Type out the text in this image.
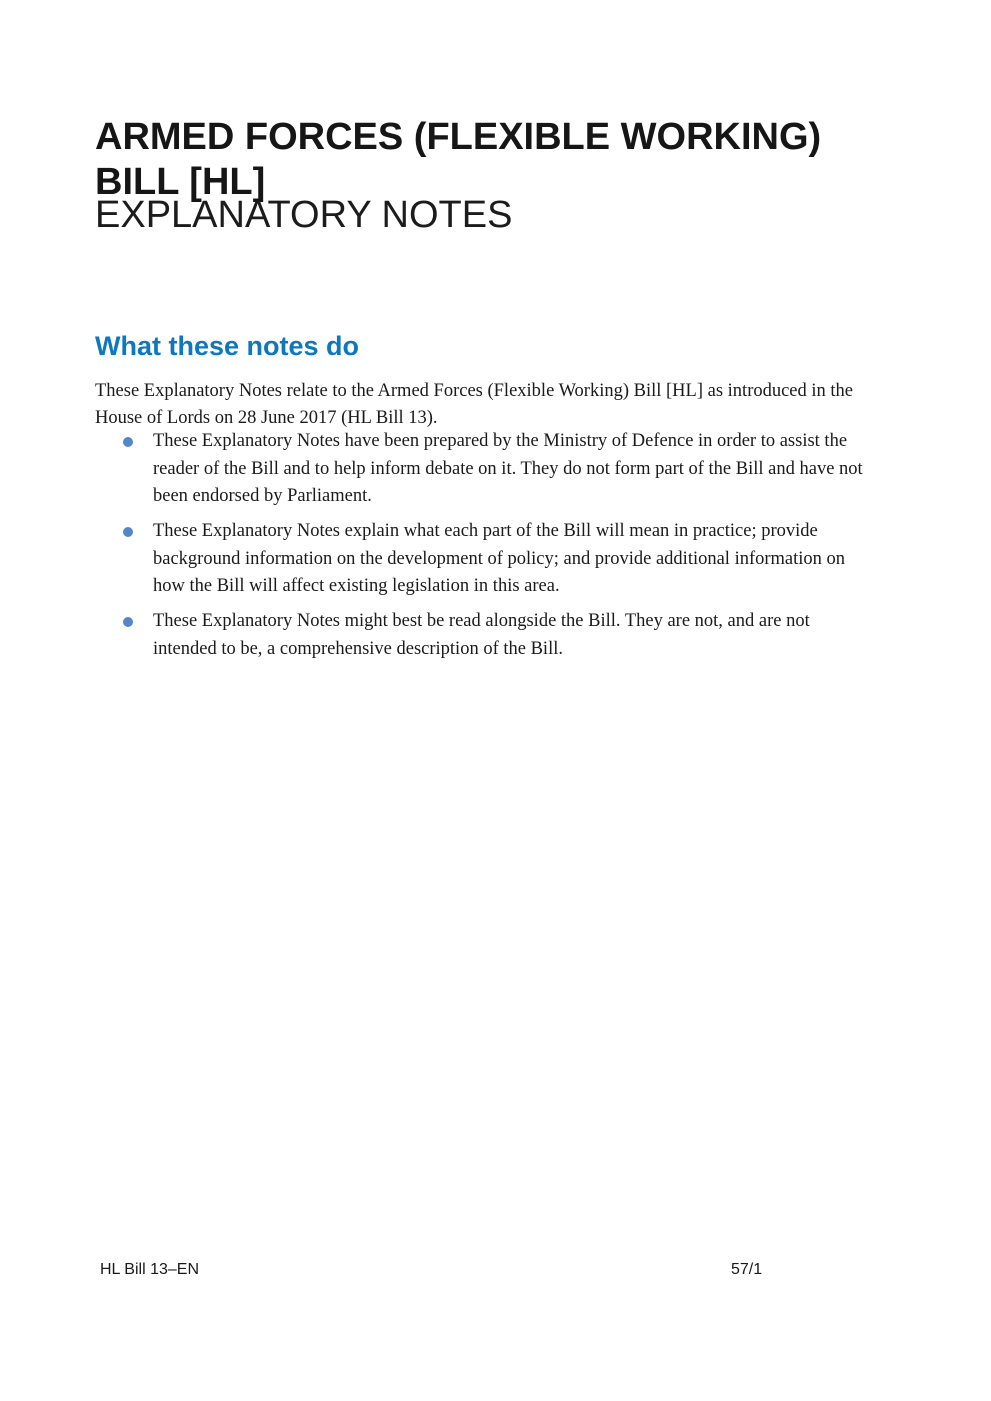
ARMED FORCES (FLEXIBLE WORKING) BILL [HL]
EXPLANATORY NOTES
What these notes do

These Explanatory Notes relate to the Armed Forces (Flexible Working) Bill [HL] as introduced in the House of Lords on 28 June 2017 (HL Bill 13).

These Explanatory Notes have been prepared by the Ministry of Defence in order to assist the reader of the Bill and to help inform debate on it. They do not form part of the Bill and have not been endorsed by Parliament.
These Explanatory Notes explain what each part of the Bill will mean in practice; provide background information on the development of policy; and provide additional information on how the Bill will affect existing legislation in this area.
These Explanatory Notes might best be read alongside the Bill. They are not, and are not intended to be, a comprehensive description of the Bill.
HL Bill 13–EN	57/1
